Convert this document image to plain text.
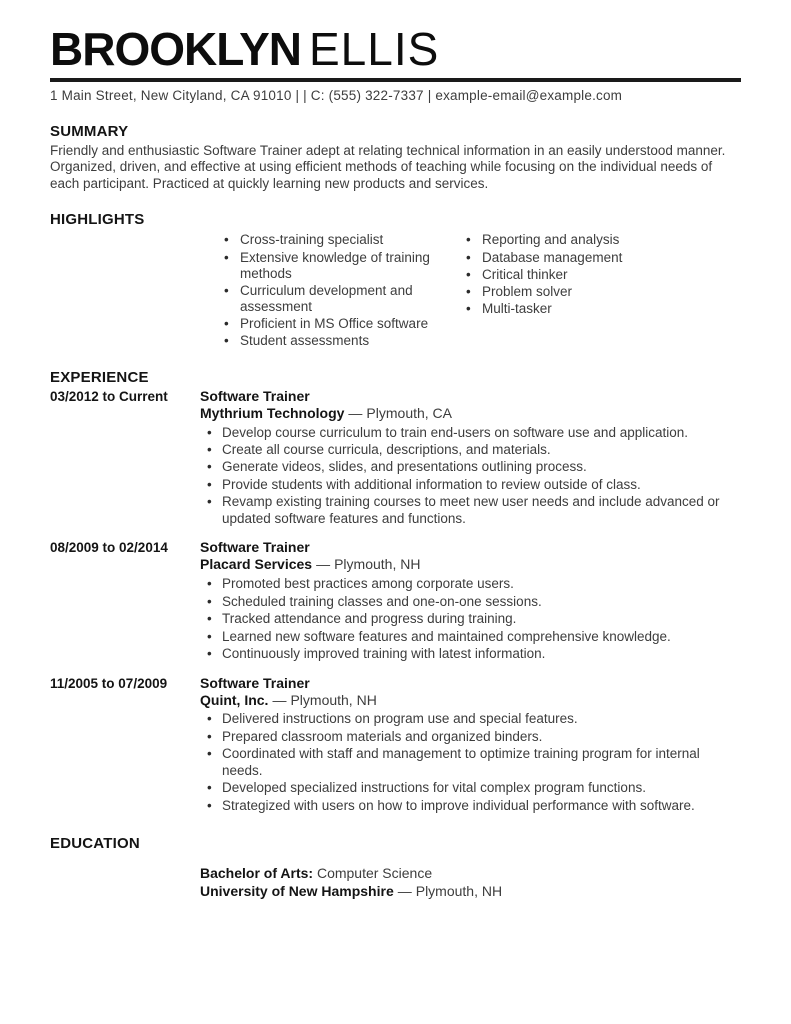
BROOKLYN ELLIS
1 Main Street, New Cityland, CA 91010 | | C: (555) 322-7337 | example-email@example.com
SUMMARY

Friendly and enthusiastic Software Trainer adept at relating technical information in an easily understood manner. Organized, driven, and effective at using efficient methods of teaching while focusing on the individual needs of each participant. Practiced at quickly learning new products and services.

HIGHLIGHTS
• Cross-training specialist
• Extensive knowledge of training methods
• Curriculum development and assessment
• Proficient in MS Office software
• Student assessments
• Reporting and analysis
• Database management
• Critical thinker
• Problem solver
• Multi-tasker
EXPERIENCE
03/2012 to Current	Software Trainer
Mythrium Technology — Plymouth, CA
• Develop course curriculum to train end-users on software use and application.
• Create all course curricula, descriptions, and materials.
• Generate videos, slides, and presentations outlining process.
• Provide students with additional information to review outside of class.
• Revamp existing training courses to meet new user needs and include advanced or updated software features and functions.
08/2009 to 02/2014	Software Trainer
Placard Services — Plymouth, NH
• Promoted best practices among corporate users.
• Scheduled training classes and one-on-one sessions.
• Tracked attendance and progress during training.
• Learned new software features and maintained comprehensive knowledge.
• Continuously improved training with latest information.
11/2005 to 07/2009	Software Trainer
Quint, Inc. — Plymouth, NH
• Delivered instructions on program use and special features.
• Prepared classroom materials and organized binders.
• Coordinated with staff and management to optimize training program for internal needs.
• Developed specialized instructions for vital complex program functions.
• Strategized with users on how to improve individual performance with software.
EDUCATION
Bachelor of Arts: Computer Science
University of New Hampshire — Plymouth, NH
